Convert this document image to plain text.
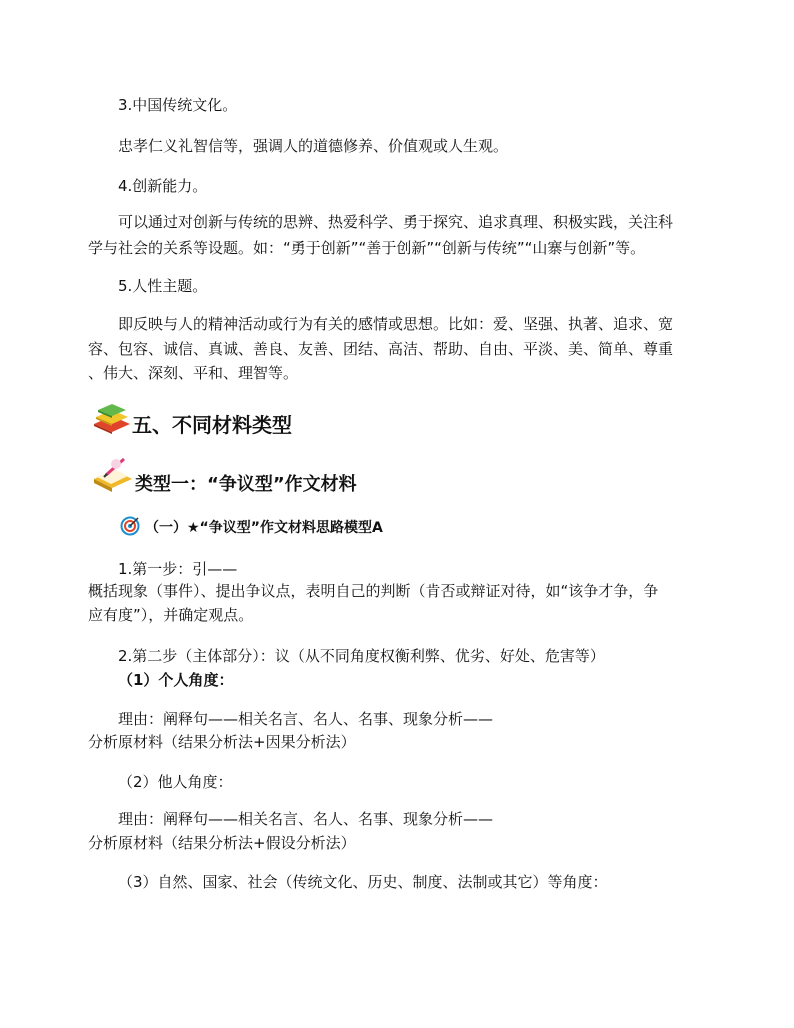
3.中国传统文化。
忠孝仁义礼智信等，强调人的道德修养、价值观或人生观。
4.创新能力。
可以通过对创新与传统的思辨、热爱科学、勇于探究、追求真理、积极实践，关注科
学与社会的关系等设题。如：“勇于创新”“善于创新”“创新与传统”“山寨与创新”等。
5.人性主题。
即反映与人的精神活动或行为有关的感情或思想。比如：爱、坚强、执著、追求、宽
容、包容、诚信、真诚、善良、友善、团结、高洁、帮助、自由、平淡、美、简单、尊重
、伟大、深刻、平和、理智等。
五、不同材料类型
类型一：“争议型”作文材料
（一）★“争议型”作文材料思路模型A
1.第一步：引——
概括现象（事件）、提出争议点，表明自己的判断（肯否或辩证对待，如“该争才争，争
应有度”），并确定观点。
2.第二步（主体部分）：议（从不同角度权衡利弊、优劣、好处、危害等）
（1）个人角度：
理由：阐释句——相关名言、名人、名事、现象分析——
分析原材料（结果分析法+因果分析法）
（2）他人角度：
理由：阐释句——相关名言、名人、名事、现象分析——
分析原材料（结果分析法+假设分析法）
（3）自然、国家、社会（传统文化、历史、制度、法制或其它）等角度：
